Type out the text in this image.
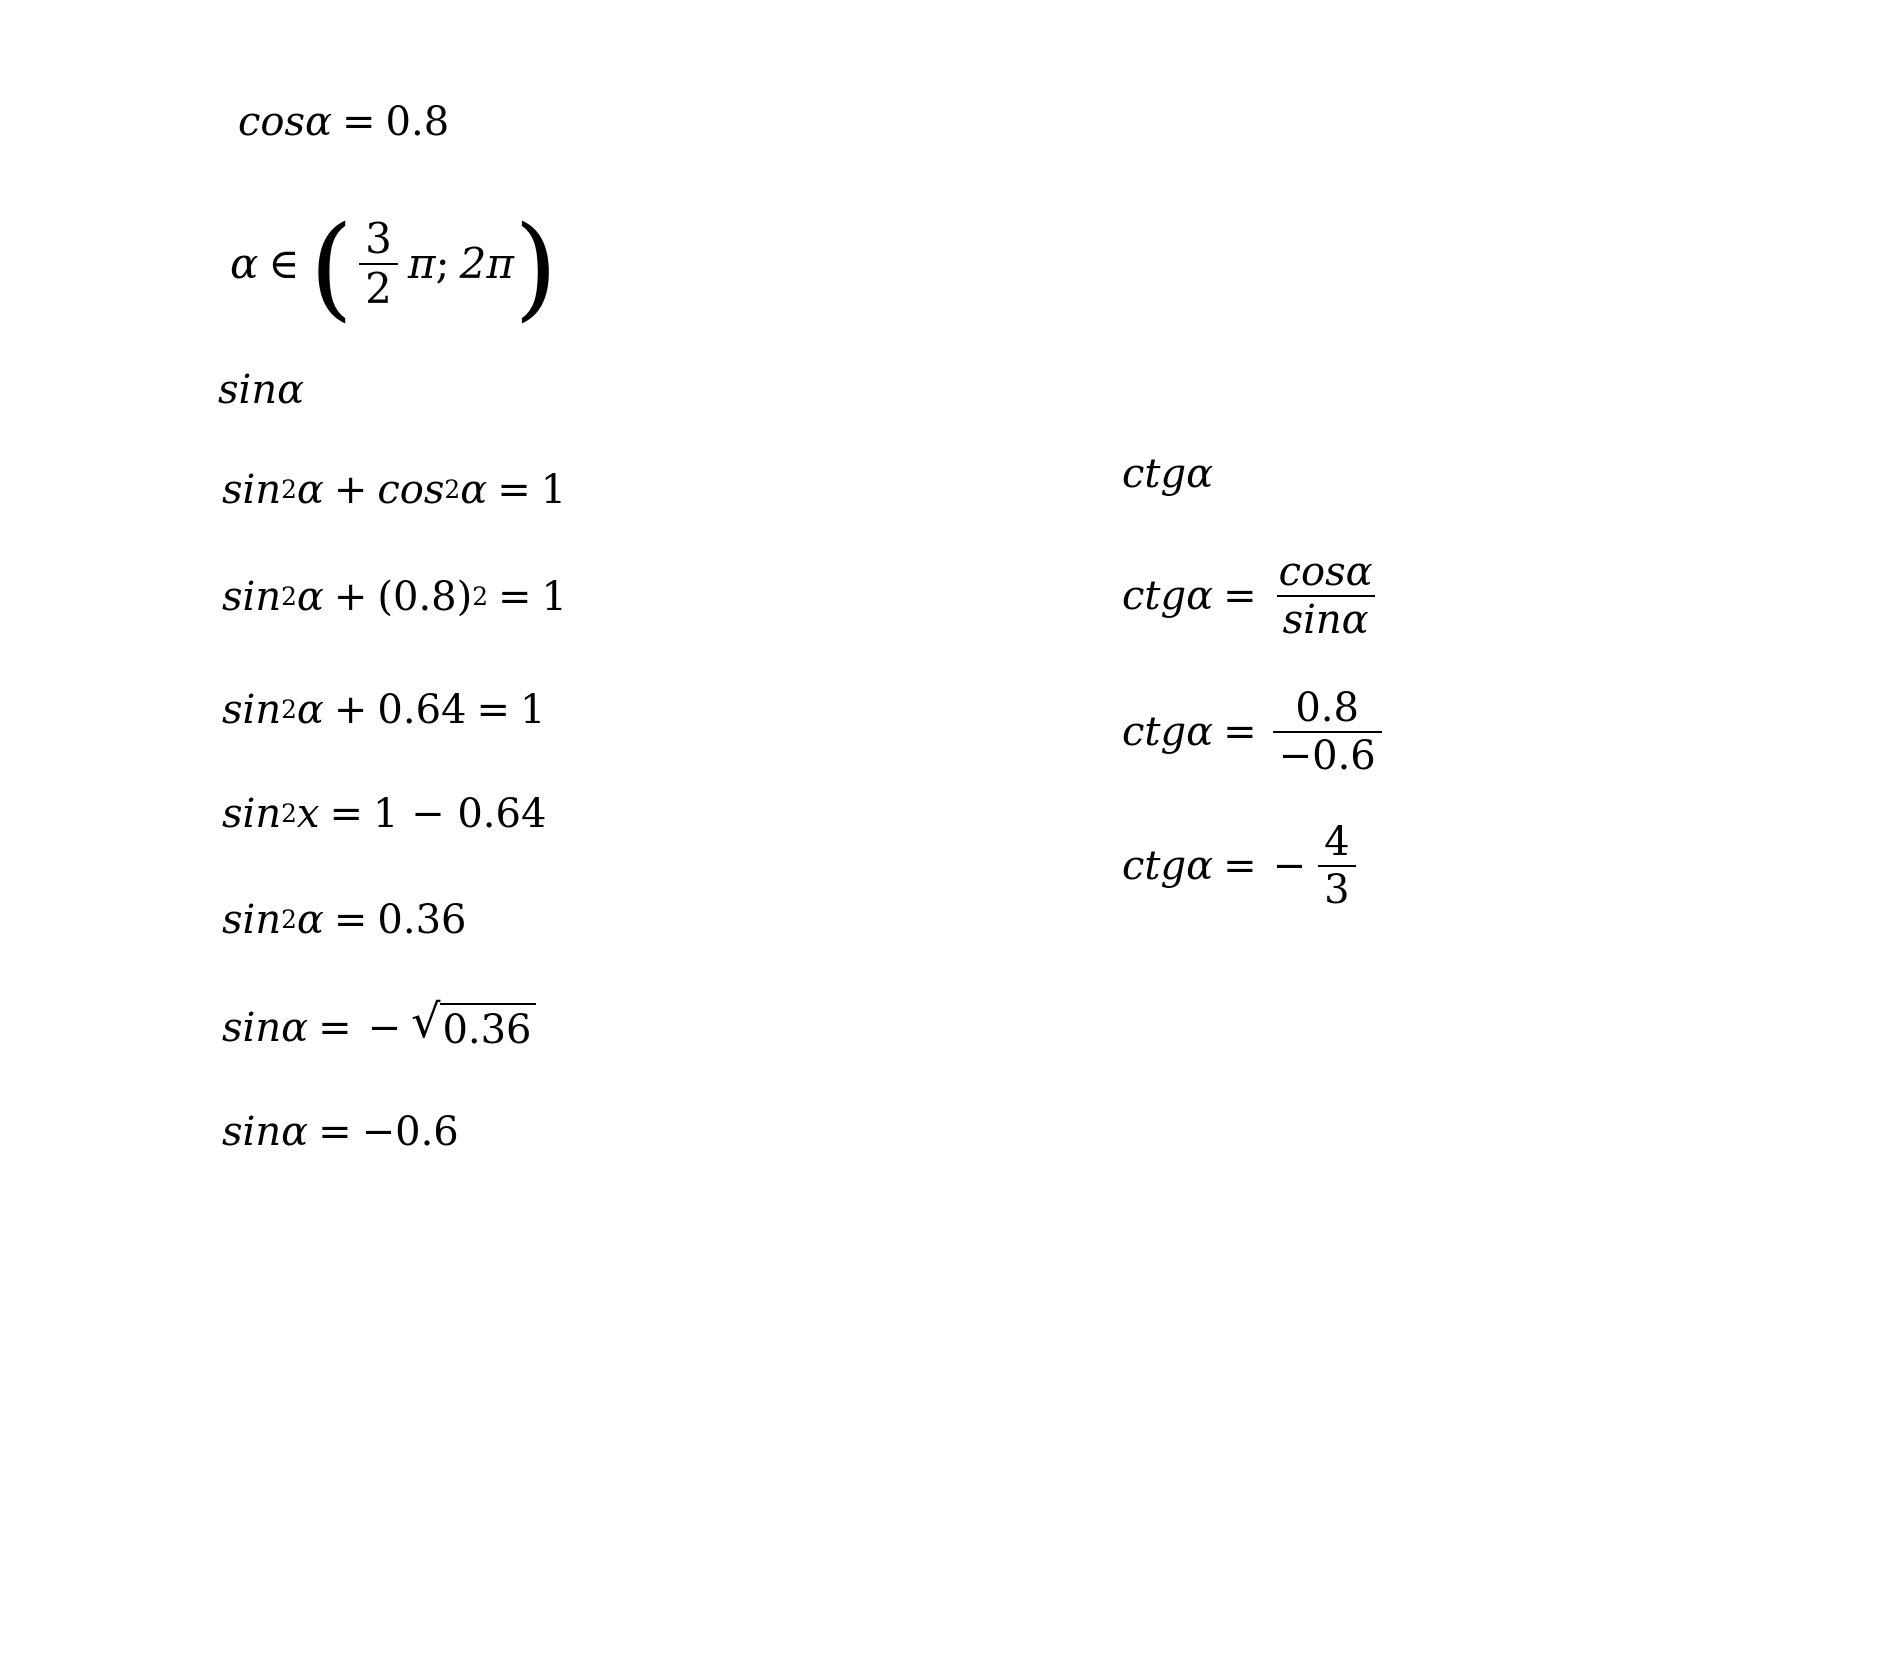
cosα = 0.8
α ∈ ( $\frac{3}{2}$ π ; 2π )
sinα
sin 2 α + cos 2 α = 1
sin 2 α + (0.8) 2 = 1
sin 2 α + 0.64 = 1
sin 2 x = 1 − 0.64
sin 2 α = 0.36
sinα = − √ 0.36
sinα = −0.6
ctgα
$ctg\alpha = \frac{\cos\alpha}{\sin\alpha}$
$ctg\alpha = \frac{0.8}{-0.6}$
ctgα = − $\frac{4}{3}$
